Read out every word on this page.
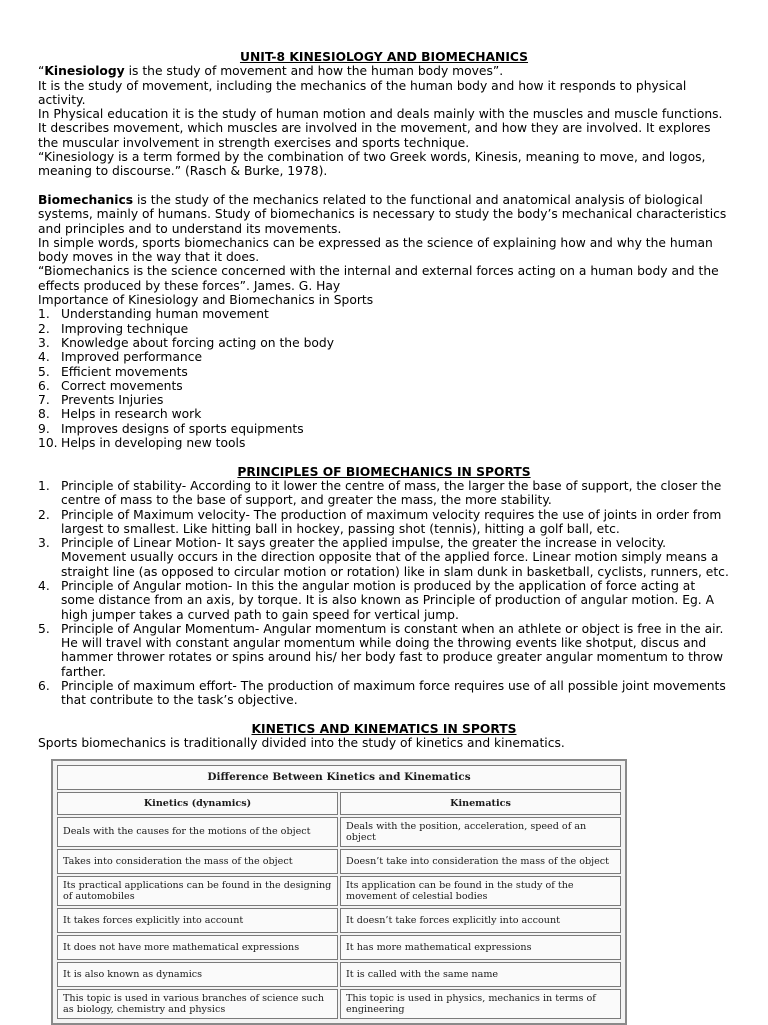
UNIT-8 KINESIOLOGY AND BIOMECHANICS

“Kinesiology is the study of movement and how the human body moves”.

It is the study of movement, including the mechanics of the human body and how it responds to physical activity.

In Physical education it is the study of human motion and deals mainly with the muscles and muscle functions. It describes movement, which muscles are involved in the movement, and how they are involved. It explores the muscular involvement in strength exercises and sports technique.

“Kinesiology is a term formed by the combination of two Greek words, Kinesis, meaning to move, and logos, meaning to discourse.” (Rasch & Burke, 1978).

Biomechanics is the study of the mechanics related to the functional and anatomical analysis of biological systems, mainly of humans. Study of biomechanics is necessary to study the body’s mechanical characteristics and principles and to understand its movements.

In simple words, sports biomechanics can be expressed as the science of explaining how and why the human body moves in the way that it does.

“Biomechanics is the science concerned with the internal and external forces acting on a human body and the effects produced by these forces”. James. G. Hay

Importance of Kinesiology and Biomechanics in Sports

1. Understanding human movement
2. Improving technique
3. Knowledge about forcing acting on the body
4. Improved performance
5. Efficient movements
6. Correct movements
7. Prevents Injuries
8. Helps in research work
9. Improves designs of sports equipments
10. Helps in developing new tools

PRINCIPLES OF BIOMECHANICS IN SPORTS

1. Principle of stability- According to it lower the centre of mass, the larger the base of support, the closer the centre of mass to the base of support, and greater the mass, the more stability.
2. Principle of Maximum velocity- The production of maximum velocity requires the use of joints in order from largest to smallest. Like hitting ball in hockey, passing shot (tennis), hitting a golf ball, etc.
3. Principle of Linear Motion- It says greater the applied impulse, the greater the increase in velocity. Movement usually occurs in the direction opposite that of the applied force. Linear motion simply means a straight line (as opposed to circular motion or rotation) like in slam dunk in basketball, cyclists, runners, etc.
4. Principle of Angular motion- In this the angular motion is produced by the application of force acting at some distance from an axis, by torque. It is also known as Principle of production of angular motion. Eg. A high jumper takes a curved path to gain speed for vertical jump.
5. Principle of Angular Momentum- Angular momentum is constant when an athlete or object is free in the air. He will travel with constant angular momentum while doing the throwing events like shotput, discus and hammer thrower rotates or spins around his/ her body fast to produce greater angular momentum to throw farther.
6. Principle of maximum effort- The production of maximum force requires use of all possible joint movements that contribute to the task’s objective.

KINETICS AND KINEMATICS IN SPORTS

Sports biomechanics is traditionally divided into the study of kinetics and kinematics.

Difference Between Kinetics and Kinematics	
Kinetics (dynamics)	Kinematics
Deals with the causes for the motions of the object	Deals with the position, acceleration, speed of an object
Takes into consideration the mass of the object	Doesn’t take into consideration the mass of the object
Its practical applications can be found in the designing of automobiles	Its application can be found in the study of the movement of celestial bodies
It takes forces explicitly into account	It doesn’t take forces explicitly into account
It does not have more mathematical expressions	It has more mathematical expressions
It is also known as dynamics	It is called with the same name
This topic is used in various branches of science such as biology, chemistry and physics	This topic is used in physics, mechanics in terms of engineering
